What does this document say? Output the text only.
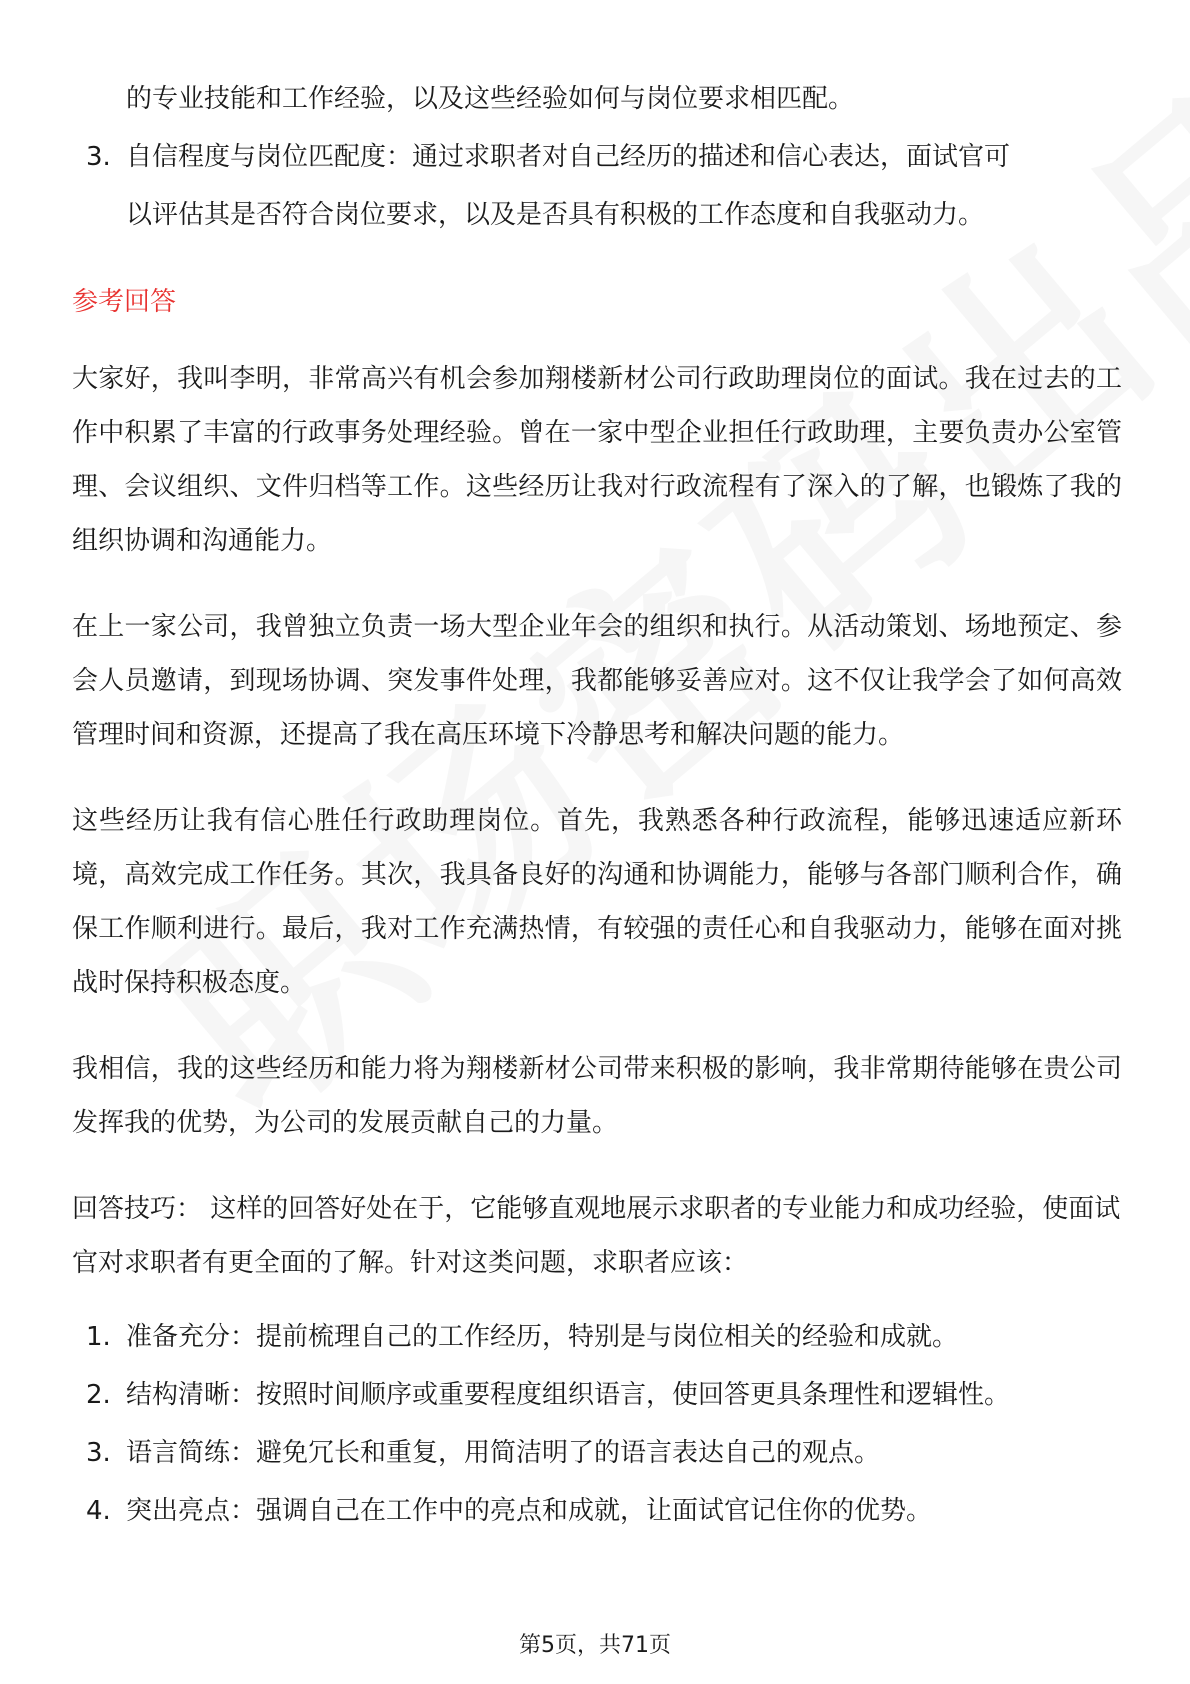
的专业技能和工作经验，以及这些经验如何与岗位要求相匹配。

3. 自信程度与岗位匹配度：通过求职者对自己经历的描述和信心表达，面试官可
以评估其是否符合岗位要求，以及是否具有积极的工作态度和自我驱动力。
参考回答

大家好，我叫李明，非常高兴有机会参加翔楼新材公司行政助理岗位的面试。我在过去的工作中积累了丰富的行政事务处理经验。曾在一家中型企业担任行政助理，主要负责办公室管理、会议组织、文件归档等工作。这些经历让我对行政流程有了深入的了解，也锻炼了我的组织协调和沟通能力。

在上一家公司，我曾独立负责一场大型企业年会的组织和执行。从活动策划、场地预定、参会人员邀请，到现场协调、突发事件处理，我都能够妥善应对。这不仅让我学会了如何高效管理时间和资源，还提高了我在高压环境下冷静思考和解决问题的能力。

这些经历让我有信心胜任行政助理岗位。首先，我熟悉各种行政流程，能够迅速适应新环境，高效完成工作任务。其次，我具备良好的沟通和协调能力，能够与各部门顺利合作，确保工作顺利进行。最后，我对工作充满热情，有较强的责任心和自我驱动力，能够在面对挑战时保持积极态度。

我相信，我的这些经历和能力将为翔楼新材公司带来积极的影响，我非常期待能够在贵公司发挥我的优势，为公司的发展贡献自己的力量。

回答技巧： 这样的回答好处在于，它能够直观地展示求职者的专业能力和成功经验，使面试官对求职者有更全面的了解。针对这类问题，求职者应该：

1. 准备充分：提前梳理自己的工作经历，特别是与岗位相关的经验和成就。
2. 结构清晰：按照时间顺序或重要程度组织语言，使回答更具条理性和逻辑性。
3. 语言简练：避免冗长和重复，用简洁明了的语言表达自己的观点。
4. 突出亮点：强调自己在工作中的亮点和成就，让面试官记住你的优势。
第5页，共71页
